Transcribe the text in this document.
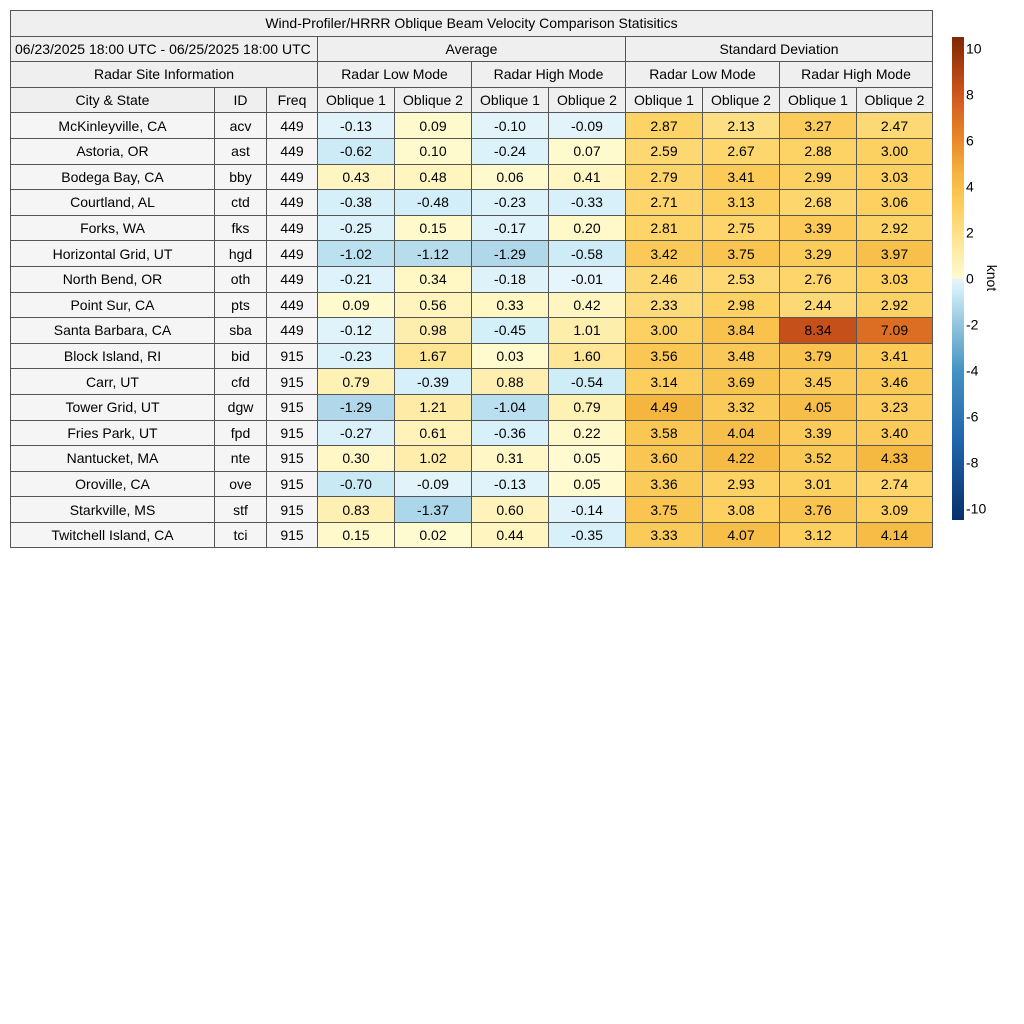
Wind-Profiler/HRRR Oblique Beam Velocity Comparison Statisitics										
06/23/2025 18:00 UTC - 06/25/2025 18:00 UTC			Average				Standard Deviation			
Radar Site Information			Radar Low Mode		Radar High Mode		Radar Low Mode		Radar High Mode	
City & State	ID	Freq	Oblique 1	Oblique 2	Oblique 1	Oblique 2	Oblique 1	Oblique 2	Oblique 1	Oblique 2
McKinleyville, CA	acv	449	-0.13	0.09	-0.10	-0.09	2.87	2.13	3.27	2.47
Astoria, OR	ast	449	-0.62	0.10	-0.24	0.07	2.59	2.67	2.88	3.00
Bodega Bay, CA	bby	449	0.43	0.48	0.06	0.41	2.79	3.41	2.99	3.03
Courtland, AL	ctd	449	-0.38	-0.48	-0.23	-0.33	2.71	3.13	2.68	3.06
Forks, WA	fks	449	-0.25	0.15	-0.17	0.20	2.81	2.75	3.39	2.92
Horizontal Grid, UT	hgd	449	-1.02	-1.12	-1.29	-0.58	3.42	3.75	3.29	3.97
North Bend, OR	oth	449	-0.21	0.34	-0.18	-0.01	2.46	2.53	2.76	3.03
Point Sur, CA	pts	449	0.09	0.56	0.33	0.42	2.33	2.98	2.44	2.92
Santa Barbara, CA	sba	449	-0.12	0.98	-0.45	1.01	3.00	3.84	8.34	7.09
Block Island, RI	bid	915	-0.23	1.67	0.03	1.60	3.56	3.48	3.79	3.41
Carr, UT	cfd	915	0.79	-0.39	0.88	-0.54	3.14	3.69	3.45	3.46
Tower Grid, UT	dgw	915	-1.29	1.21	-1.04	0.79	4.49	3.32	4.05	3.23
Fries Park, UT	fpd	915	-0.27	0.61	-0.36	0.22	3.58	4.04	3.39	3.40
Nantucket, MA	nte	915	0.30	1.02	0.31	0.05	3.60	4.22	3.52	4.33
Oroville, CA	ove	915	-0.70	-0.09	-0.13	0.05	3.36	2.93	3.01	2.74
Starkville, MS	stf	915	0.83	-1.37	0.60	-0.14	3.75	3.08	3.76	3.09
Twitchell Island, CA	tci	915	0.15	0.02	0.44	-0.35	3.33	4.07	3.12	4.14
10
8
6
4
2
0
-2
-4
-6
-8
-10
knot
